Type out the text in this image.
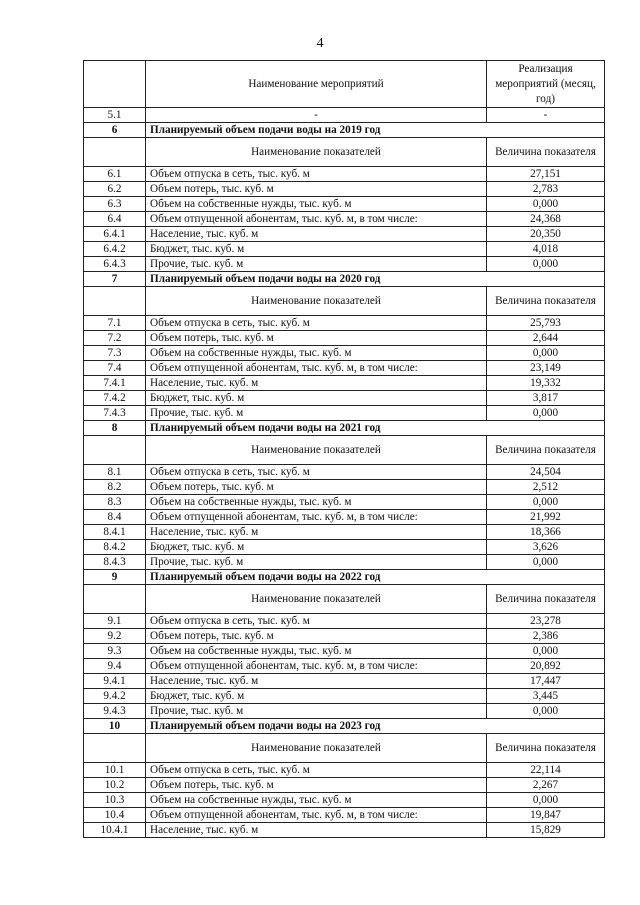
4
	Наименование мероприятий	Реализация мероприятий (месяц, год)
5.1	-	-
6	Планируемый объем подачи воды на 2019 год	
	Наименование показателей	Величина показателя
6.1	Объем отпуска в сеть, тыс. куб. м	27,151
6.2	Объем потерь, тыс. куб. м	2,783
6.3	Объем на собственные нужды, тыс. куб. м	0,000
6.4	Объем отпущенной абонентам, тыс. куб. м, в том числе:	24,368
6.4.1	Население, тыс. куб. м	20,350
6.4.2	Бюджет, тыс. куб. м	4,018
6.4.3	Прочие, тыс. куб. м	0,000
7	Планируемый объем подачи воды на 2020 год	
	Наименование показателей	Величина показателя
7.1	Объем отпуска в сеть, тыс. куб. м	25,793
7.2	Объем потерь, тыс. куб. м	2,644
7.3	Объем на собственные нужды, тыс. куб. м	0,000
7.4	Объем отпущенной абонентам, тыс. куб. м, в том числе:	23,149
7.4.1	Население, тыс. куб. м	19,332
7.4.2	Бюджет, тыс. куб. м	3,817
7.4.3	Прочие, тыс. куб. м	0,000
8	Планируемый объем подачи воды на 2021 год	
	Наименование показателей	Величина показателя
8.1	Объем отпуска в сеть, тыс. куб. м	24,504
8.2	Объем потерь, тыс. куб. м	2,512
8.3	Объем на собственные нужды, тыс. куб. м	0,000
8.4	Объем отпущенной абонентам, тыс. куб. м, в том числе:	21,992
8.4.1	Население, тыс. куб. м	18,366
8.4.2	Бюджет, тыс. куб. м	3,626
8.4.3	Прочие, тыс. куб. м	0,000
9	Планируемый объем подачи воды на 2022 год	
	Наименование показателей	Величина показателя
9.1	Объем отпуска в сеть, тыс. куб. м	23,278
9.2	Объем потерь, тыс. куб. м	2,386
9.3	Объем на собственные нужды, тыс. куб. м	0,000
9.4	Объем отпущенной абонентам, тыс. куб. м, в том числе:	20,892
9.4.1	Население, тыс. куб. м	17,447
9.4.2	Бюджет, тыс. куб. м	3,445
9.4.3	Прочие, тыс. куб. м	0,000
10	Планируемый объем подачи воды на 2023 год	
	Наименование показателей	Величина показателя
10.1	Объем отпуска в сеть, тыс. куб. м	22,114
10.2	Объем потерь, тыс. куб. м	2,267
10.3	Объем на собственные нужды, тыс. куб. м	0,000
10.4	Объем отпущенной абонентам, тыс. куб. м, в том числе:	19,847
10.4.1	Население, тыс. куб. м	15,829
